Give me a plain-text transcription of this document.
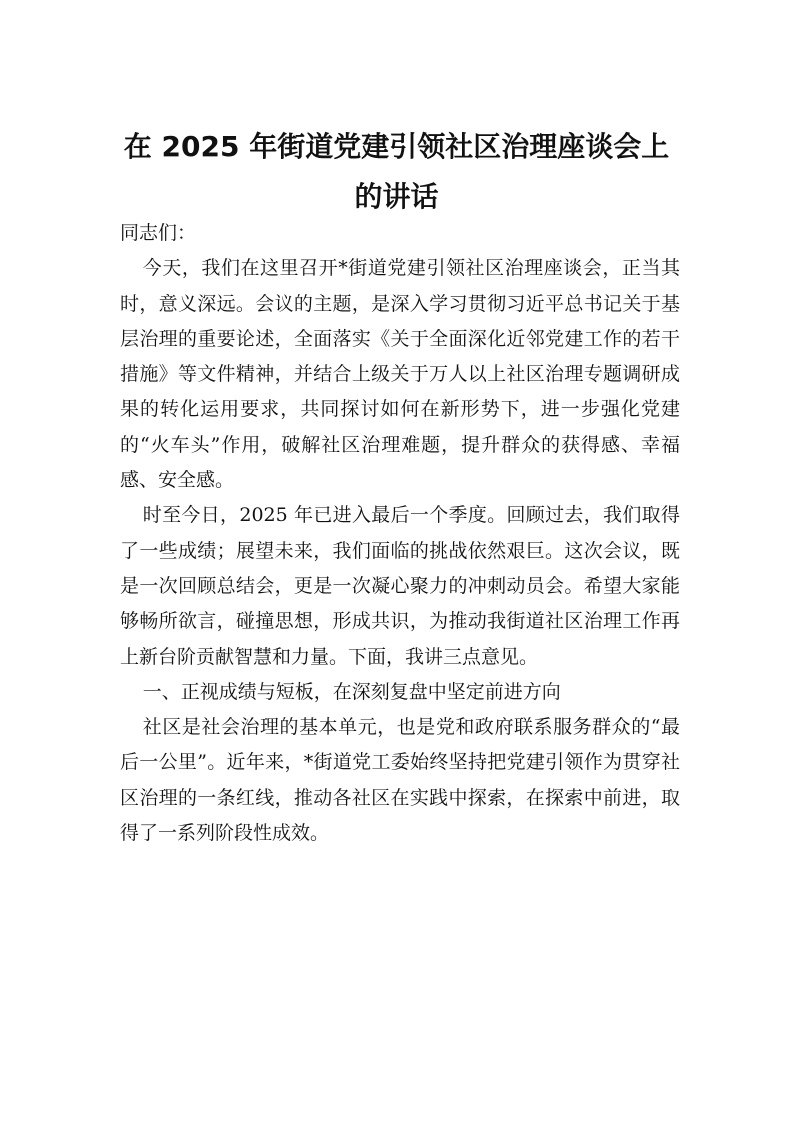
在 2025 年街道党建引领社区治理座谈会上的讲话

同志们：

今天，我们在这里召开*街道党建引领社区治理座谈会，正当其时，意义深远。会议的主题，是深入学习贯彻习近平总书记关于基层治理的重要论述，全面落实《关于全面深化近邻党建工作的若干措施》等文件精神，并结合上级关于万人以上社区治理专题调研成果的转化运用要求，共同探讨如何在新形势下，进一步强化党建的“火车头”作用，破解社区治理难题，提升群众的获得感、幸福感、安全感。

时至今日，2025 年已进入最后一个季度。回顾过去，我们取得了一些成绩；展望未来，我们面临的挑战依然艰巨。这次会议，既是一次回顾总结会，更是一次凝心聚力的冲刺动员会。希望大家能够畅所欲言，碰撞思想，形成共识，为推动我街道社区治理工作再上新台阶贡献智慧和力量。下面，我讲三点意见。

一、正视成绩与短板，在深刻复盘中坚定前进方向

社区是社会治理的基本单元，也是党和政府联系服务群众的“最后一公里”。近年来，*街道党工委始终坚持把党建引领作为贯穿社区治理的一条红线，推动各社区在实践中探索，在探索中前进，取得了一系列阶段性成效。
